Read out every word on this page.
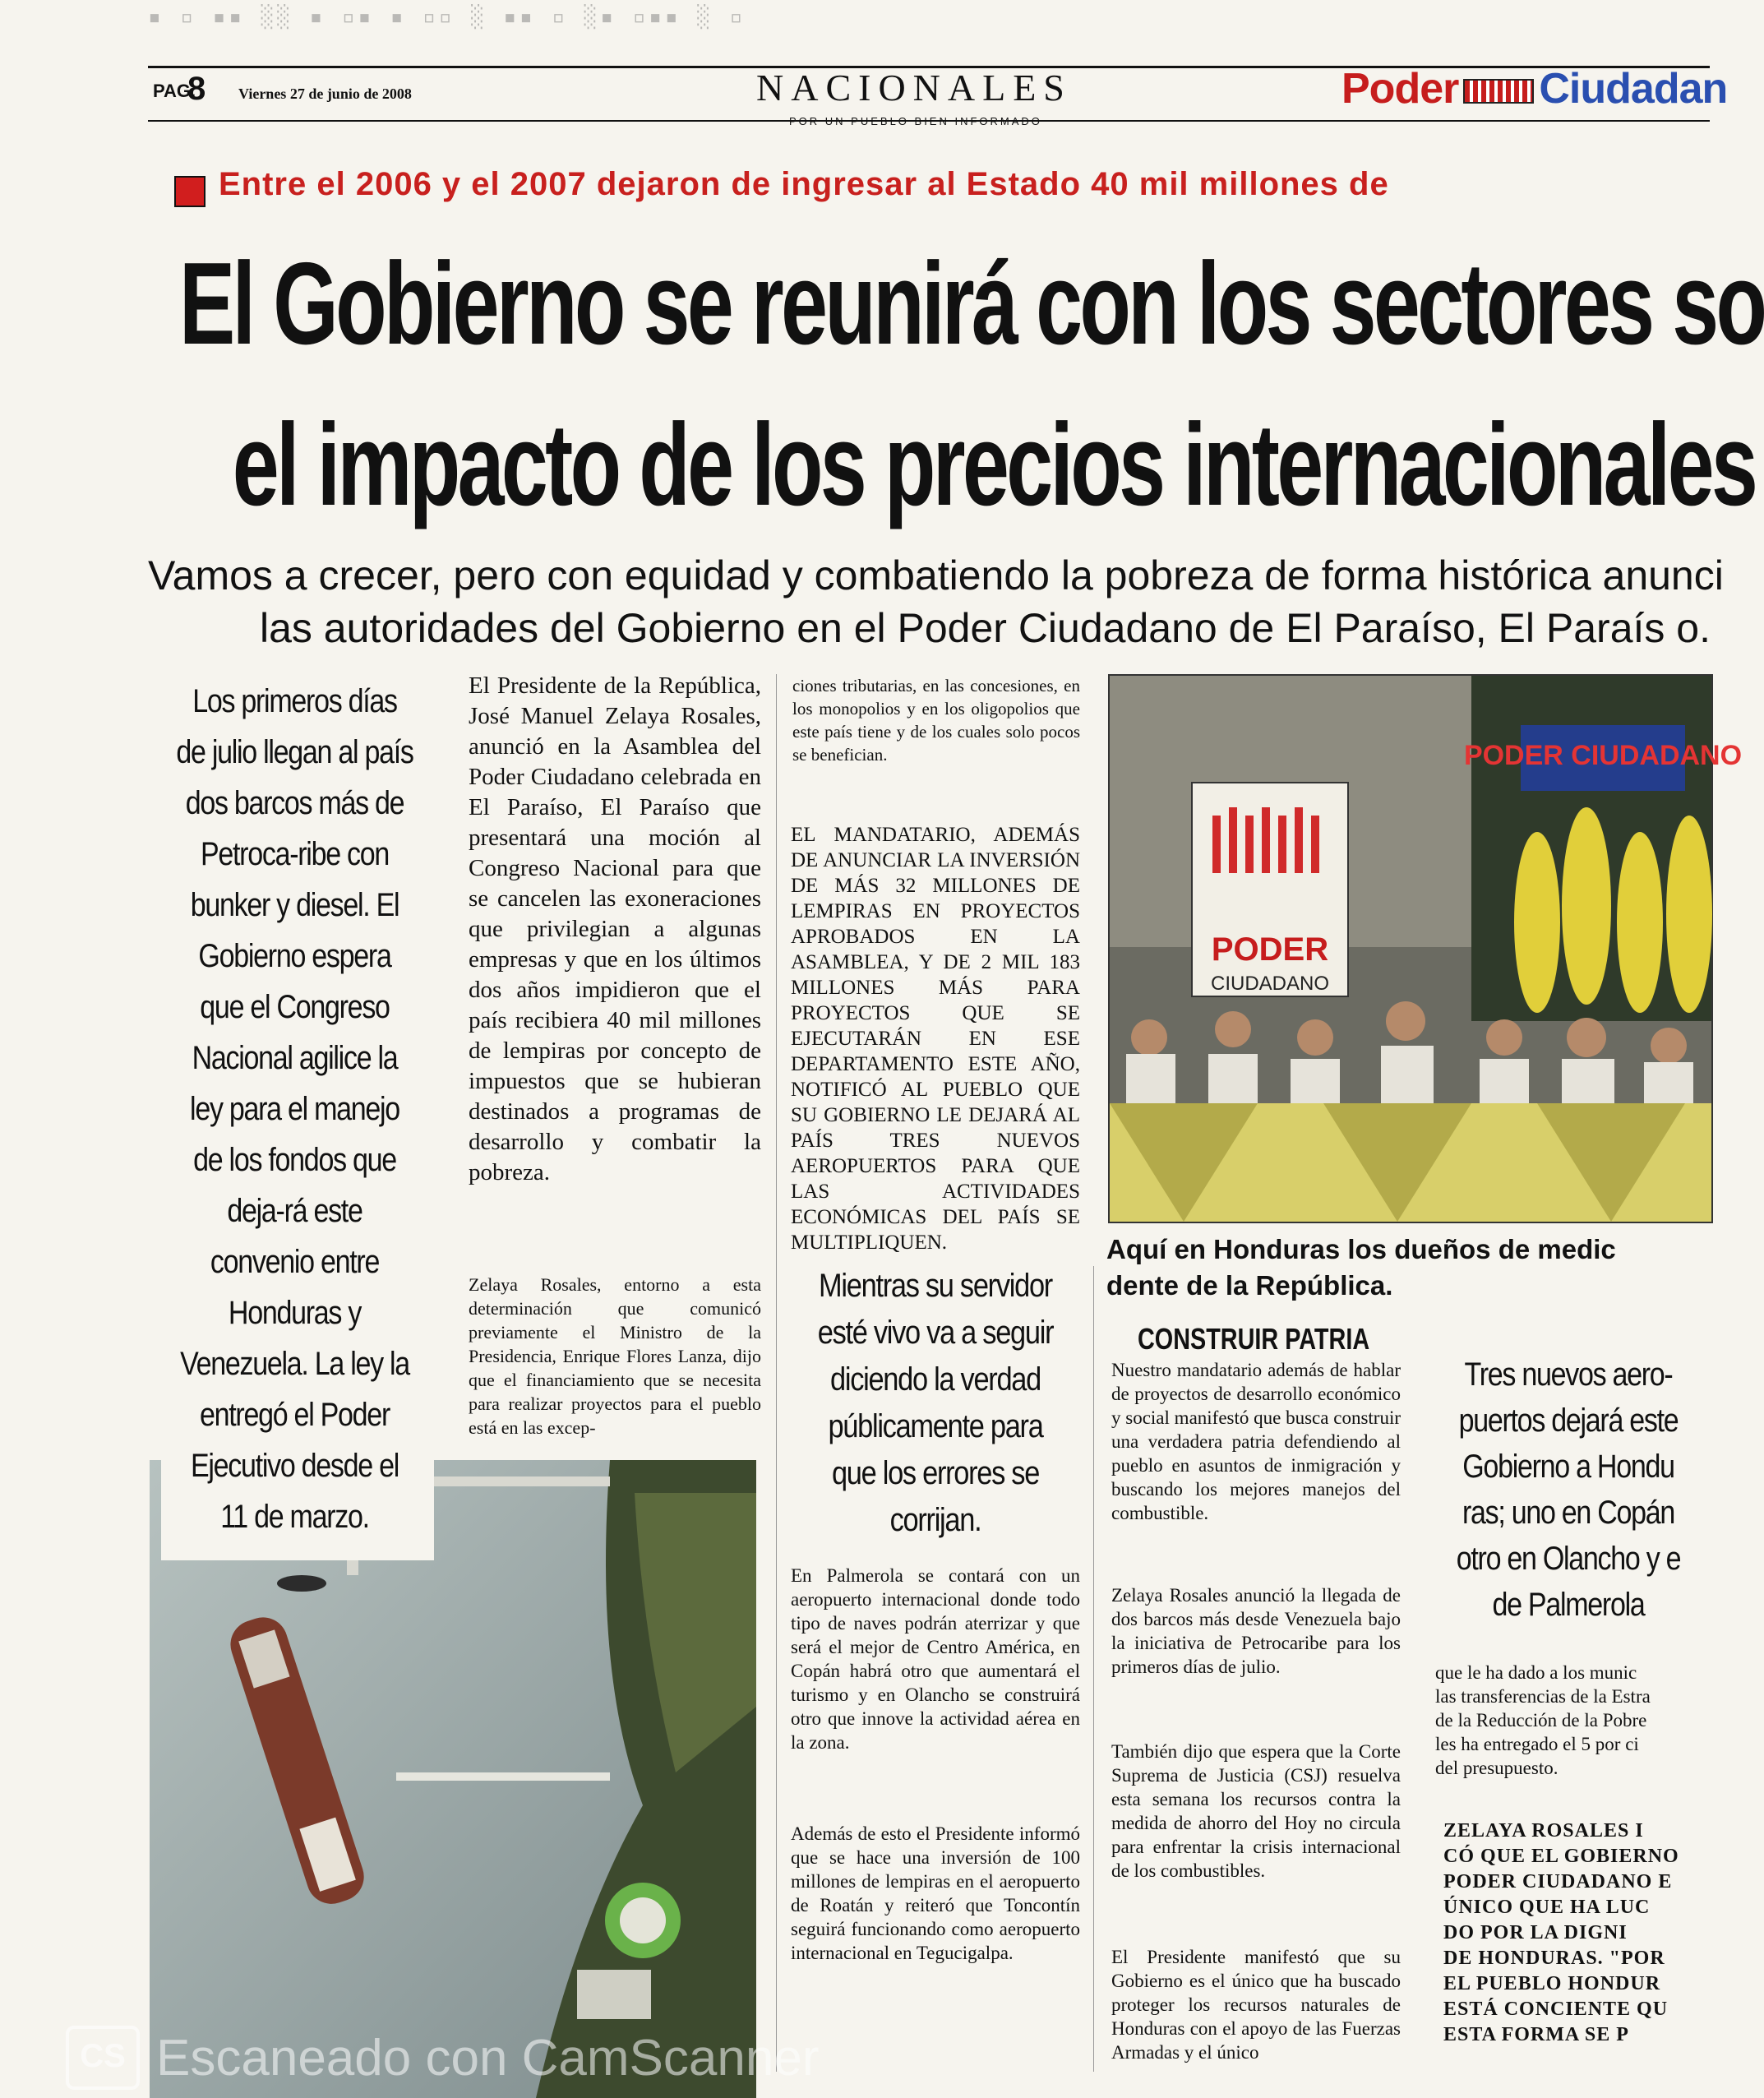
▪ ▫ ▪▪ ░░ ▪ ▫▪ ▪ ▫▫ ░ ▪▪ ▫ ░▪ ▫▪▪ ░ ▫
PAG.
8 Viernes 27 de junio de 2008	NACIONALES	Poder Ciudadan
Entre el 2006 y el 2007 dejaron de ingresar al Estado 40 mil millones de
El Gobierno se reunirá con los sectores so
el impacto de los precios internacionales
Vamos a crecer, pero con equidad y combatiendo la pobreza de forma histórica anunci
las autoridades del Gobierno en el Poder Ciudadano de El Paraíso, El Paraís o.
Los primeros días de julio llegan al país dos barcos más de Petroca-ribe con bunker y diesel. El Gobierno espera que el Congreso Nacional agilice la ley para el manejo de los fondos que deja-rá este convenio entre Honduras y Venezuela. La ley la entregó el Poder Ejecutivo desde el 11 de marzo.
El Presidente de la República, José Manuel Zelaya Rosales, anunció en la Asamblea del Poder Ciudadano celebrada en El Paraíso, El Paraíso que presentará una moción al Congreso Nacional para que se cancelen las exoneraciones que privilegian a algunas empresas y que en los últimos dos años impidieron que el país recibiera 40 mil millones de lempiras por concepto de impuestos que se hubieran destinados a programas de desarrollo y combatir la pobreza.
Zelaya Rosales, entorno a esta determinación que comunicó previamente el Ministro de la Presidencia, Enrique Flores Lanza, dijo que el financiamiento que se necesita para realizar proyectos para el pueblo está en las excep-
ciones tributarias, en las concesiones, en los monopolios y en los oligopolios que este país tiene y de los cuales solo pocos se benefician.
EL MANDATARIO, ADEMÁS DE ANUNCIAR LA INVERSIÓN DE MÁS 32 MILLONES DE LEMPIRAS EN PROYECTOS APROBADOS EN LA ASAMBLEA, Y DE 2 MIL 183 MILLONES MÁS PARA PROYECTOS QUE SE EJECUTARÁN EN ESE DEPARTAMENTO ESTE AÑO, NOTIFICÓ AL PUEBLO QUE SU GOBIERNO LE DEJARÁ AL PAÍS TRES NUEVOS AEROPUERTOS PARA QUE LAS ACTIVIDADES ECONÓMICAS DEL PAÍS SE MULTIPLIQUEN.
Mientras su servidor esté vivo va a seguir diciendo la verdad públicamente para que los errores se corrijan.
En Palmerola se contará con un aeropuerto internacional donde todo tipo de naves podrán aterrizar y que será el mejor de Centro América, en Copán habrá otro que aumentará el turismo y en Olancho se construirá otro que innove la actividad aérea en la zona.
Además de esto el Presidente informó que se hace una inversión de 100 millones de lempiras en el aeropuerto de Roatán y reiteró que Toncontín seguirá funcionando como aeropuerto internacional en Tegucigalpa.
PODER
CIUDADANO
PODER CIUDADANO
Aquí en Honduras los dueños de medic
dente de la República.
CONSTRUIR PATRIA
Nuestro mandatario además de hablar de proyectos de desarrollo económico y social manifestó que busca construir una verdadera patria defendiendo al pueblo en asuntos de inmigración y buscando los mejores manejos del combustible.
Zelaya Rosales anunció la llegada de dos barcos más desde Venezuela bajo la iniciativa de Petrocaribe para los primeros días de julio.
También dijo que espera que la Corte Suprema de Justicia (CSJ) resuelva esta semana los recursos contra la medida de ahorro del Hoy no circula para enfrentar la crisis internacional de los combustibles.
El Presidente manifestó que su Gobierno es el único que ha buscado proteger los recursos naturales de Honduras con el apoyo de las Fuerzas Armadas y el único
Tres nuevos aero-
puertos dejará este
Gobierno a Hondu
ras; uno en Copán
otro en Olancho y e
de Palmerola
que le ha dado a los munic
las transferencias de la Estra
de la Reducción de la Pobre
les ha entregado el 5 por ci
del presupuesto.
ZELAYA ROSALES I
CÓ QUE EL GOBIERNO
PODER CIUDADANO E
ÚNICO QUE HA LUC
DO POR LA DIGNI
DE HONDURAS. "POR
EL PUEBLO HONDUR
ESTÁ CONCIENTE QU
ESTA FORMA SE P
CS Escaneado con CamScanner
